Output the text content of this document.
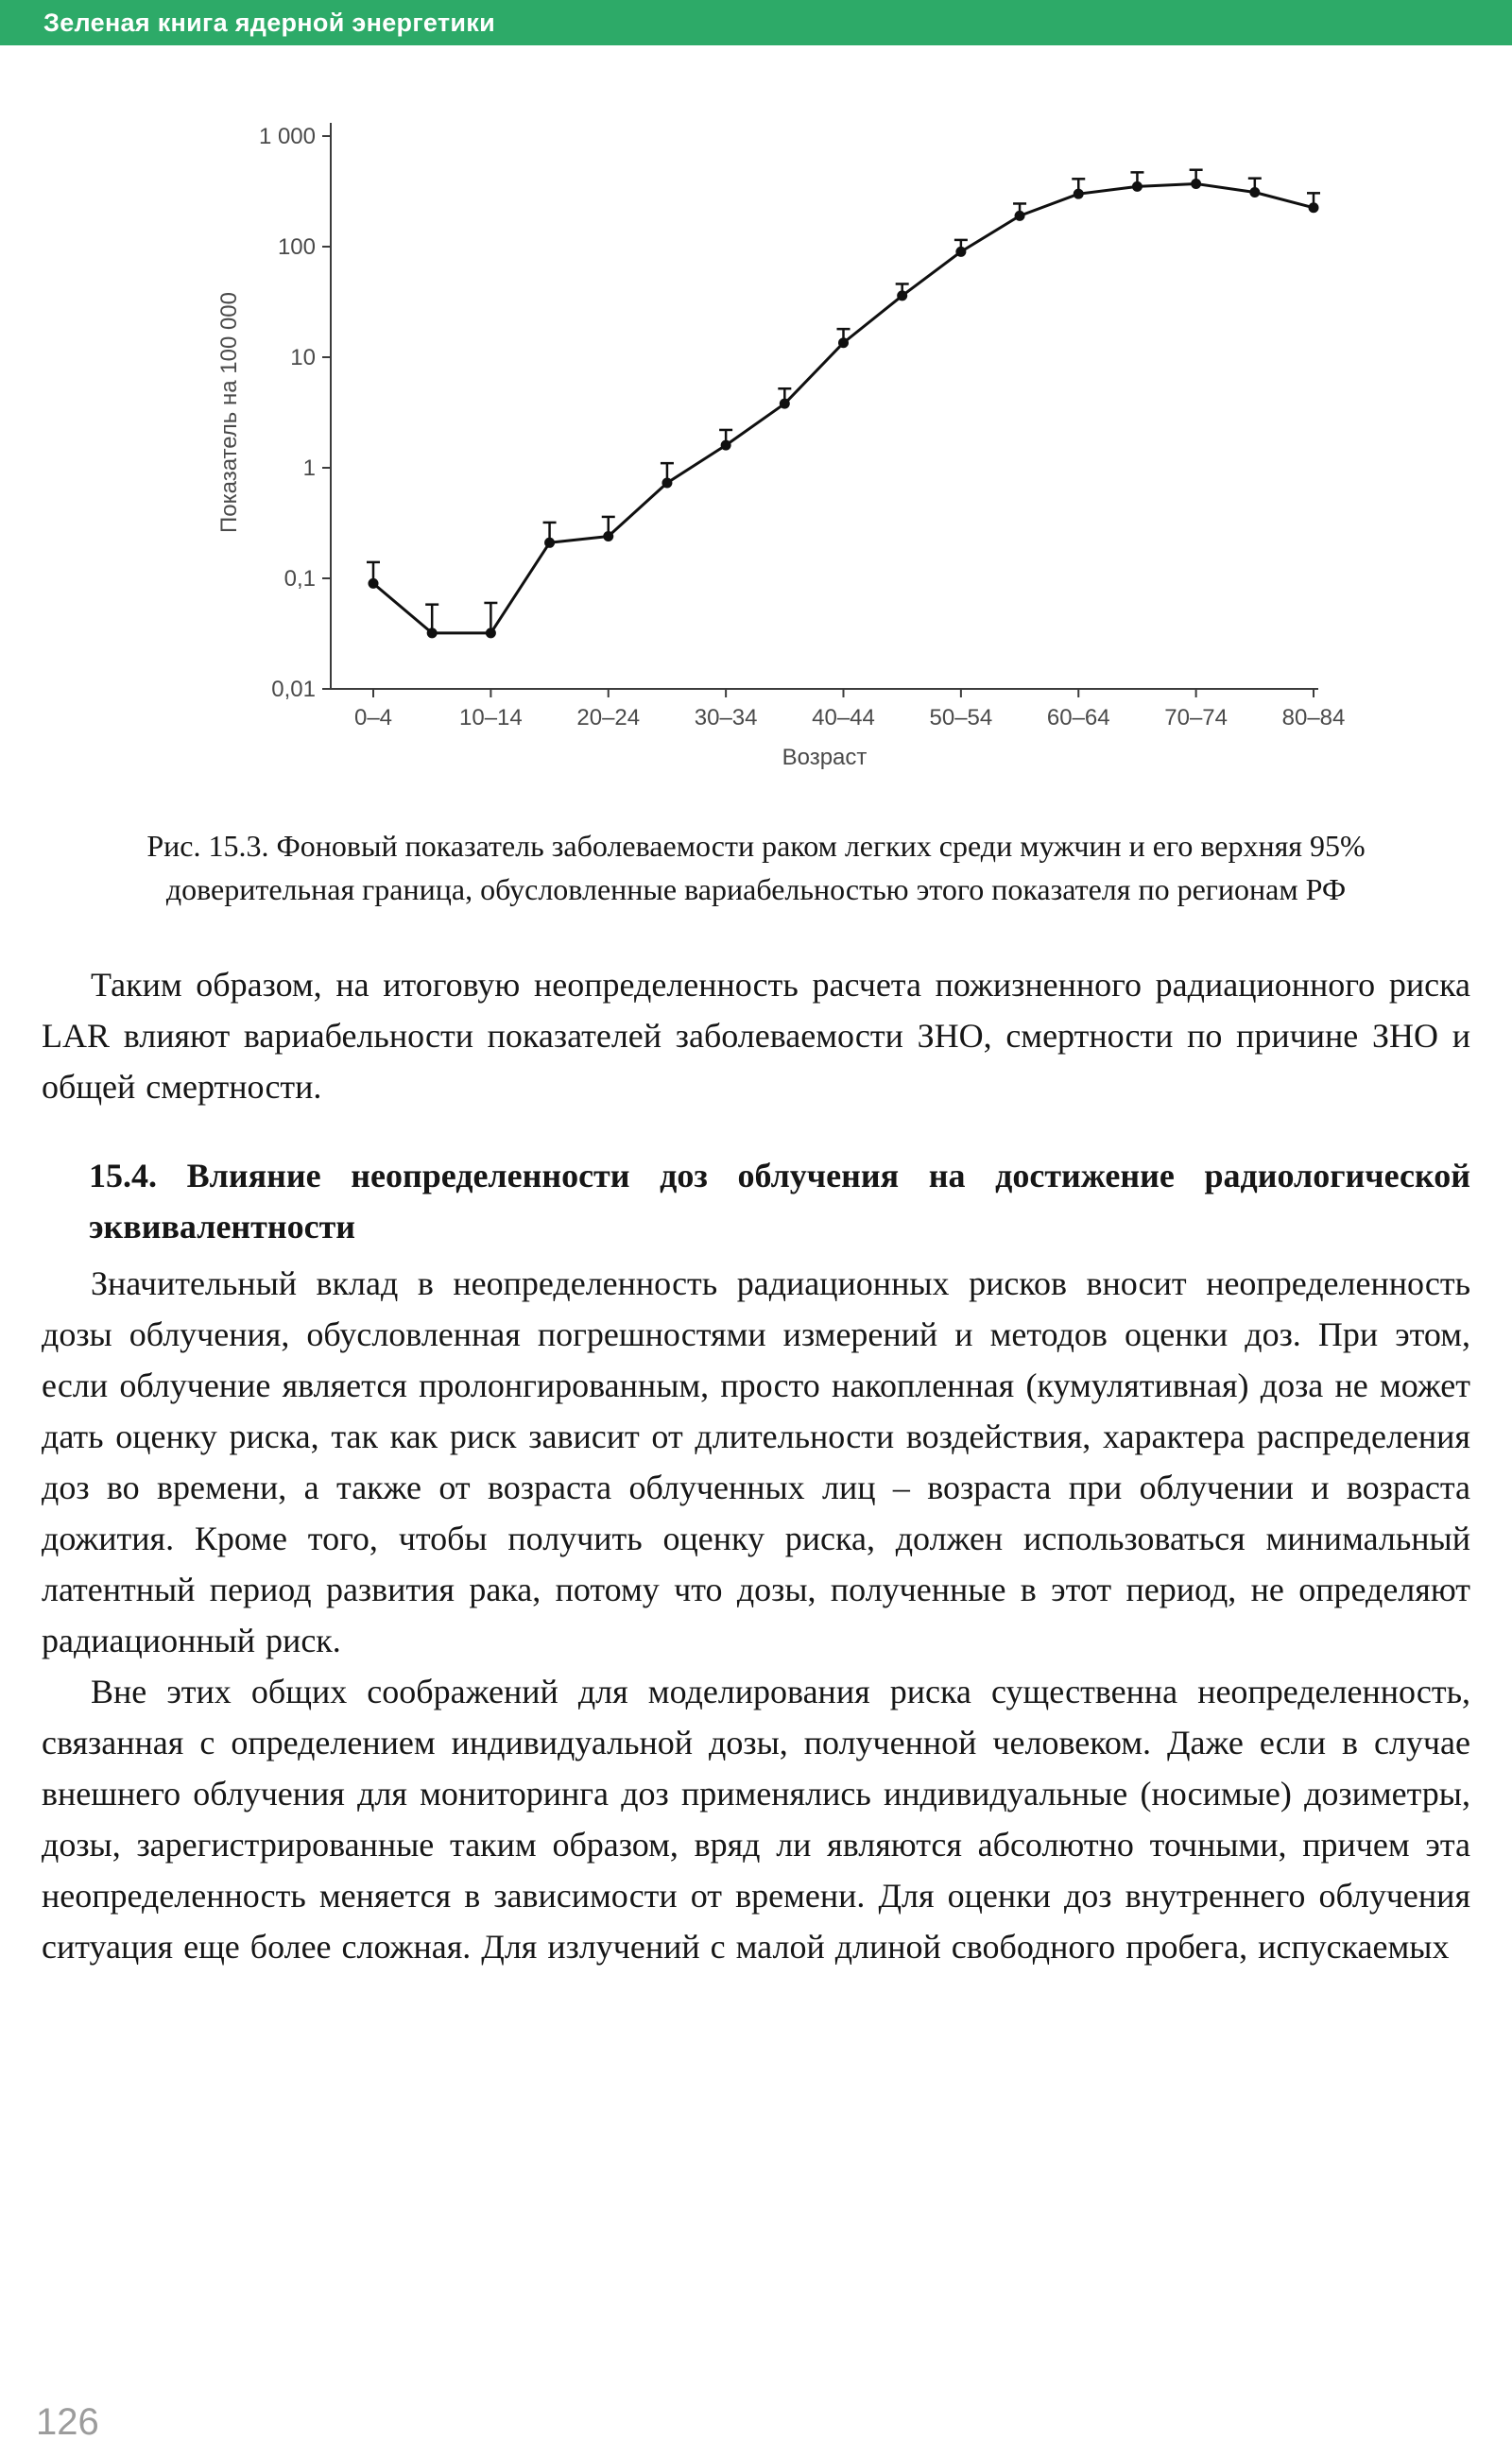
Зеленая книга ядерной энергетики
1 000
100
10
1
0,1
0,01
0–4	10–14 20–24 30–34 40–44 50–54 60–64 70–74 80–84
Возраст
Показатель на 100 000
Рис. 15.3. Фоновый показатель заболеваемости раком легких среди мужчин и его верхняя 95% доверительная граница, обусловленные вариабельностью этого показателя по регионам РФ

Таким образом, на итоговую неопределенность расчета пожизненного радиационного риска LAR влияют вариабельности показателей заболеваемости ЗНО, смертности по причине ЗНО и общей смертности.

15.4. Влияние неопределенности доз облучения на достижение радиологической эквивалентности

Значительный вклад в неопределенность радиационных рисков вносит неопределенность дозы облучения, обусловленная погрешностями измерений и методов оценки доз. При этом, если облучение является пролонгированным, просто накопленная (кумулятивная) доза не может дать оценку риска, так как риск зависит от длительности воздействия, характера распределения доз во времени, а также от возраста облученных лиц – возраста при облучении и возраста дожития. Кроме того, чтобы получить оценку риска, должен использоваться минимальный латентный период развития рака, потому что дозы, полученные в этот период, не определяют радиационный риск.

Вне этих общих соображений для моделирования риска существенна неопределенность, связанная с определением индивидуальной дозы, полученной человеком. Даже если в случае внешнего облучения для мониторинга доз применялись индивидуальные (носимые) дозиметры, дозы, зарегистрированные таким образом, вряд ли являются абсолютно точными, причем эта неопределенность меняется в зависимости от времени. Для оценки доз внутреннего облучения ситуация еще более сложная. Для излучений с малой длиной свободного пробега, испускаемых

126
